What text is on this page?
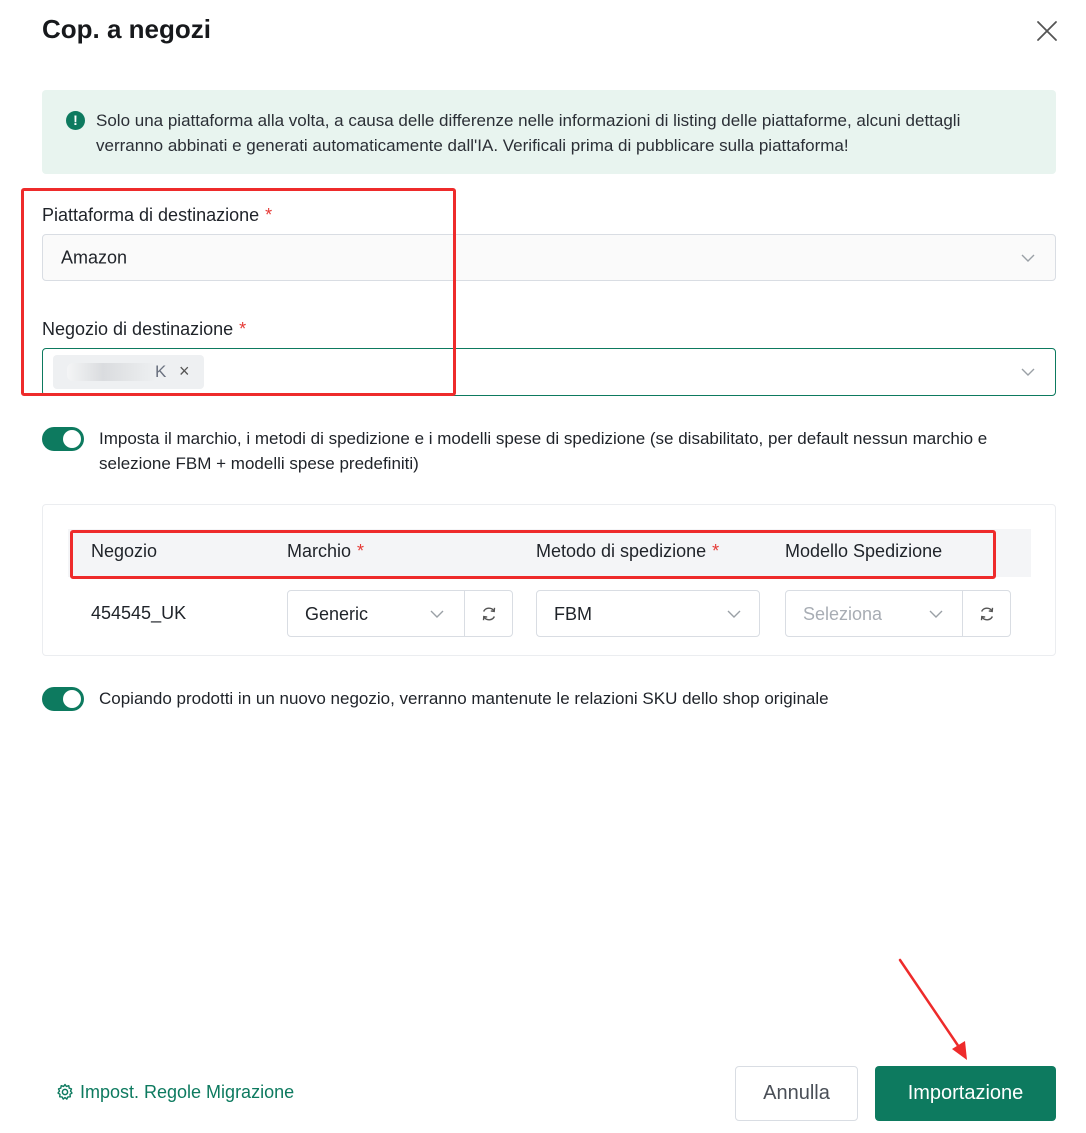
Cop. a negozi
!	Solo una piattaforma alla volta, a causa delle differenze nelle informazioni di listing delle piattaforme, alcuni dettagli verranno abbinati e generati automaticamente dall'IA. Verificali prima di pubblicare sulla piattaforma!
Piattaforma di destinazione *
Amazon
Negozio di destinazione *
K ×
Imposta il marchio, i metodi di spedizione e i modelli spese di spedizione (se disabilitato, per default nessun marchio e selezione FBM + modelli spese predefiniti)
Negozio	Marchio *	Metodo di spedizione *	Modello Spedizione
454545_UK	Generic	FBM	Seleziona
Copiando prodotti in un nuovo negozio, verranno mantenute le relazioni SKU dello shop originale
Impost. Regole Migrazione	Annulla	Importazione
